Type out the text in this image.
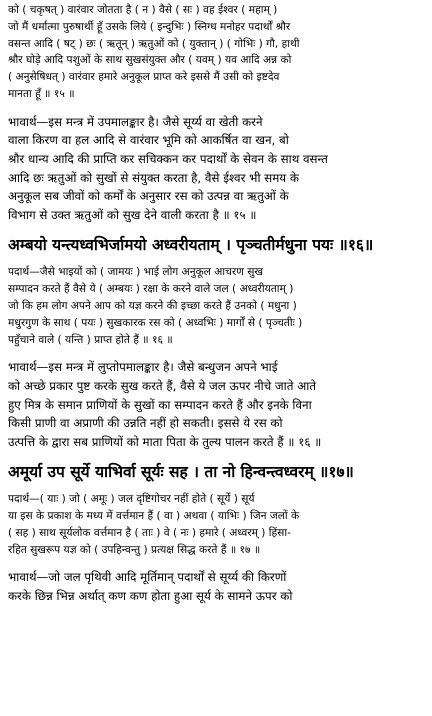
को ( चकृषत् ) वारंवार जोतता है ( न ) वैसे ( सः ) वह ईश्वर ( महाम् )
जो मैं धर्मात्मा पुरुषार्थी हूँ उसके लिये ( इन्दुभिः ) स्निग्ध मनोहर पदार्थों श्रौर
वसन्त आदि ( षट् ) छः ( ऋतून् ) ऋतुओं को ( युक्तान् ) ( गोभिः ) गौ, हाथी
श्रौर घोड़े आदि पशुओं के साथ सुखसंयुक्त और ( यवम् ) यव आदि अन्न को
( अनुसेषिधत् ) वारंवार हमारे अनुकूल प्राप्त करे इससे मैं उसी को इष्टदेव
मानता हूँ ॥ १५ ॥
भावार्थ—इस मन्त्र में उपमालङ्कार है। जैसे सूर्य्य वा खेती करने
वाला किरण वा हल आदि से वारंवार भूमि को आकर्षित वा खन, बो
श्रौर धान्य आदि की प्राप्ति कर सचिक्कन कर पदार्थों के सेवन के साथ वसन्त
आदि छः ऋतुओं को सुखों से संयुक्त करता है, वैसे ईश्वर भी समय के
अनुकूल सब जीवों को कर्मों के अनुसार रस को उत्पन्न वा ऋतुओं के
विभाग से उक्त ऋतुओं को सुख देने वाली करता है ॥ १५ ॥
अम्बयो यन्त्यध्वभिर्जामयो अध्वरीयताम् । पृञ्चतीर्मधुना पयः ॥१६॥
पदार्थ—जैसे भाइयों को ( जामयः ) भाई लोग अनुकूल आचरण सुख
सम्पादन करते हैं वैसे ये ( अम्बयः ) रक्षा के करने वाले जल ( अध्वरीयताम् )
जो कि हम लोग अपने आप को यज्ञ करने की इच्छा करते हैं उनको ( मधुना )
मधुरगुण के साथ ( पयः ) सुखकारक रस को ( अध्वभिः ) मार्गों से ( पृञ्चतीः )
पहुँचाने वाले ( यन्ति ) प्राप्त होते हैं ॥ १६ ॥
भावार्थ—इस मन्त्र में लुप्तोपमालङ्कार है। जैसे बन्धुजन अपने भाई
को अच्छे प्रकार पुष्ट करके सुख करते हैं, वैसे ये जल ऊपर नीचे जाते आते
हुए मित्र के समान प्राणियों के सुखों का सम्पादन करते हैं और इनके विना
किसी प्राणी वा अप्राणी की उन्नति नहीं हो सकती। इससे ये रस को
उत्पत्ति के द्वारा सब प्राणियों को माता पिता के तुल्य पालन करते हैं ॥ १६ ॥
अमूर्या उप सूर्ये याभिर्वा सूर्यः सह । ता नो हिन्वन्त्वध्वरम् ॥१७॥
पदार्थ—( याः ) जो ( अमूः ) जल दृष्टिगोचर नहीं होते ( सूर्ये ) सूर्य
या इस के प्रकाश के मध्य में वर्त्तमान हैं ( वा ) अथवा ( याभिः ) जिन जलों के
( सह ) साथ सूर्यलोक वर्त्तमान है ( ताः ) वे ( नः ) हमारे ( अध्वरम् ) हिंसा-
रहित सुखरूप यज्ञ को ( उपहिन्वन्तु ) प्रत्यक्ष सिद्ध करते हैं ॥ १७ ॥
भावार्थ—जो जल पृथिवी आदि मूर्तिमान् पदार्थों से सूर्य्य की किरणों
करके छिन्न भिन्न अर्थात् कण कण होता हुआ सूर्य के सामने ऊपर को
